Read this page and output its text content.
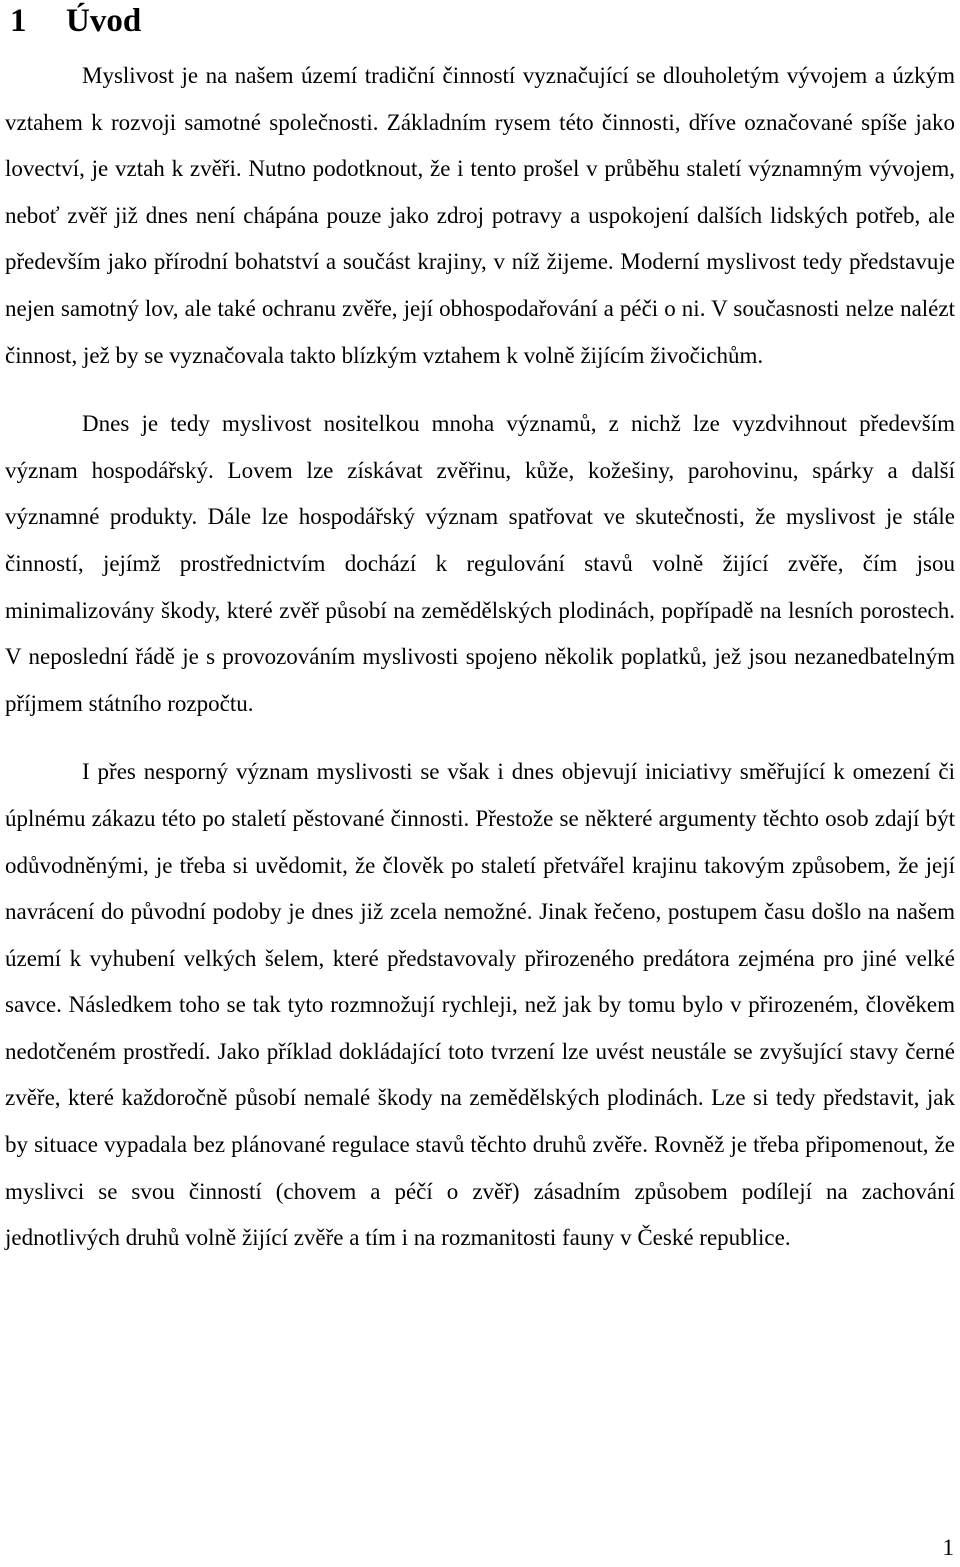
1 Úvod

Myslivost je na našem území tradiční činností vyznačující se dlouholetým vývojem a úzkým vztahem k rozvoji samotné společnosti. Základním rysem této činnosti, dříve označované spíše jako lovectví, je vztah k zvěři. Nutno podotknout, že i tento prošel v průběhu staletí významným vývojem, neboť zvěř již dnes není chápána pouze jako zdroj potravy a uspokojení dalších lidských potřeb, ale především jako přírodní bohatství a součást krajiny, v níž žijeme. Moderní myslivost tedy představuje nejen samotný lov, ale také ochranu zvěře, její obhospodařování a péči o ni. V současnosti nelze nalézt činnost, jež by se vyznačovala takto blízkým vztahem k volně žijícím živočichům.

Dnes je tedy myslivost nositelkou mnoha významů, z nichž lze vyzdvihnout především význam hospodářský. Lovem lze získávat zvěřinu, kůže, kožešiny, parohovinu, spárky a další významné produkty. Dále lze hospodářský význam spatřovat ve skutečnosti, že myslivost je stále činností, jejímž prostřednictvím dochází k regulování stavů volně žijící zvěře, čím jsou minimalizovány škody, které zvěř působí na zemědělských plodinách, popřípadě na lesních porostech. V neposlední řádě je s provozováním myslivosti spojeno několik poplatků, jež jsou nezanedbatelným příjmem státního rozpočtu.

I přes nesporný význam myslivosti se však i dnes objevují iniciativy směřující k omezení či úplnému zákazu této po staletí pěstované činnosti. Přestože se některé argumenty těchto osob zdají být odůvodněnými, je třeba si uvědomit, že člověk po staletí přetvářel krajinu takovým způsobem, že její navrácení do původní podoby je dnes již zcela nemožné. Jinak řečeno, postupem času došlo na našem území k vyhubení velkých šelem, které představovaly přirozeného predátora zejména pro jiné velké savce. Následkem toho se tak tyto rozmnožují rychleji, než jak by tomu bylo v přirozeném, člověkem nedotčeném prostředí. Jako příklad dokládající toto tvrzení lze uvést neustále se zvyšující stavy černé zvěře, které každoročně působí nemalé škody na zemědělských plodinách. Lze si tedy představit, jak by situace vypadala bez plánované regulace stavů těchto druhů zvěře. Rovněž je třeba připomenout, že myslivci se svou činností (chovem a péčí o zvěř) zásadním způsobem podílejí na zachování jednotlivých druhů volně žijící zvěře a tím i na rozmanitosti fauny v České republice.

1
